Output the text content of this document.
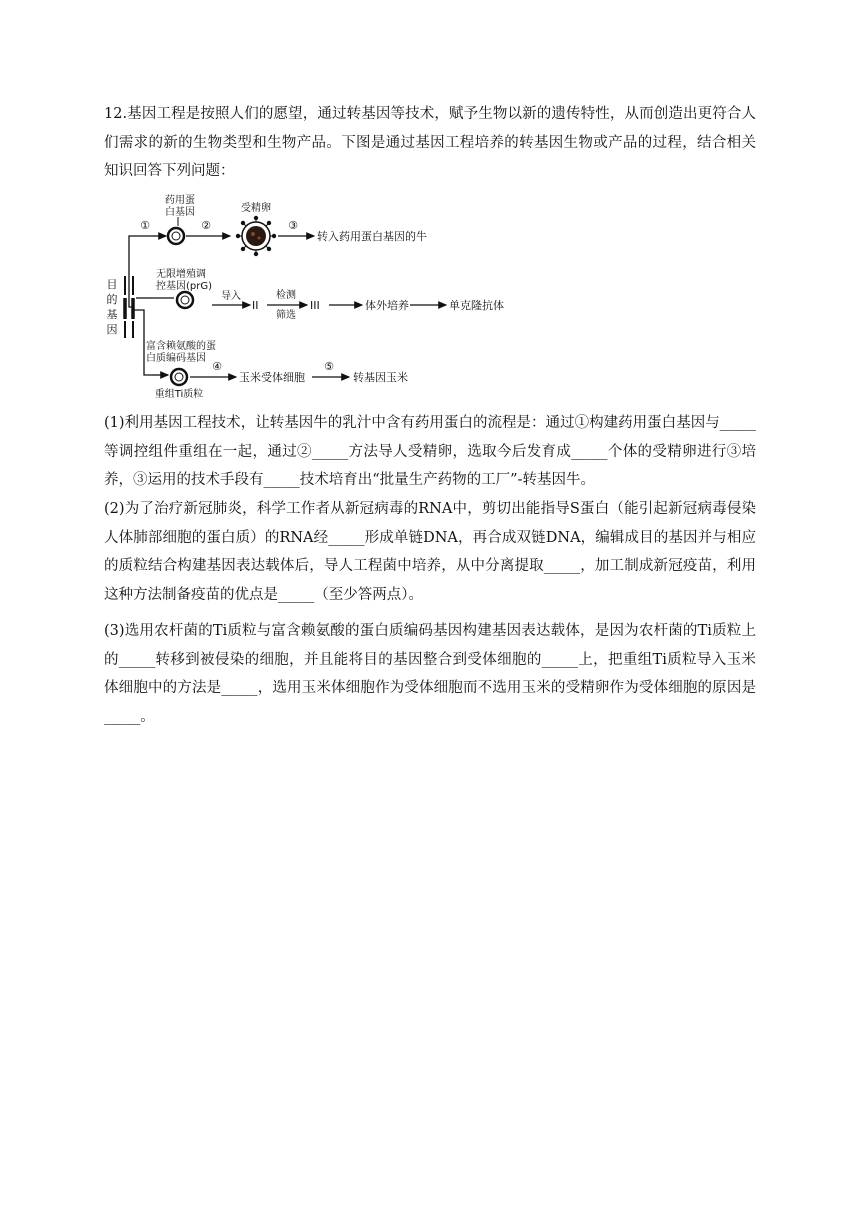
12.基因工程是按照人们的愿望，通过转基因等技术，赋予生物以新的遗传特性，从而创造出更符合人们需求的新的生物类型和生物产品。下图是通过基因工程培养的转基因生物或产品的过程，结合相关知识回答下列问题：

目
的
基
因
药用蛋
白基因
①	②
受精卵
③
转入药用蛋白基因的牛
无限增殖调
控基因(prG)
导入
II
检测
筛选
III	体外培养	单克隆抗体
富含赖氨酸的蛋
白质编码基因
重组Ti质粒
④
玉米受体细胞
⑤
转基因玉米

(1)利用基因工程技术，让转基因牛的乳汁中含有药用蛋白的流程是：通过①构建药用蛋白基因与_____等调控组件重组在一起，通过②_____方法导人受精卵，选取今后发育成_____个体的受精卵进行③培养，③运用的技术手段有_____技术培育出“批量生产药物的工厂”-转基因牛。

(2)为了治疗新冠肺炎，科学工作者从新冠病毒的RNA中，剪切出能指导S蛋白（能引起新冠病毒侵染人体肺部细胞的蛋白质）的RNA经_____形成单链DNA，再合成双链DNA，编辑成目的基因并与相应的质粒结合构建基因表达载体后，导人工程菌中培养，从中分离提取_____，加工制成新冠疫苗，利用这种方法制备疫苗的优点是_____（至少答两点）。

(3)选用农杆菌的Ti质粒与富含赖氨酸的蛋白质编码基因构建基因表达载体，是因为农杆菌的Ti质粒上的_____转移到被侵染的细胞，并且能将目的基因整合到受体细胞的_____上，把重组Ti质粒导入玉米体细胞中的方法是_____，选用玉米体细胞作为受体细胞而不选用玉米的受精卵作为受体细胞的原因是_____。
